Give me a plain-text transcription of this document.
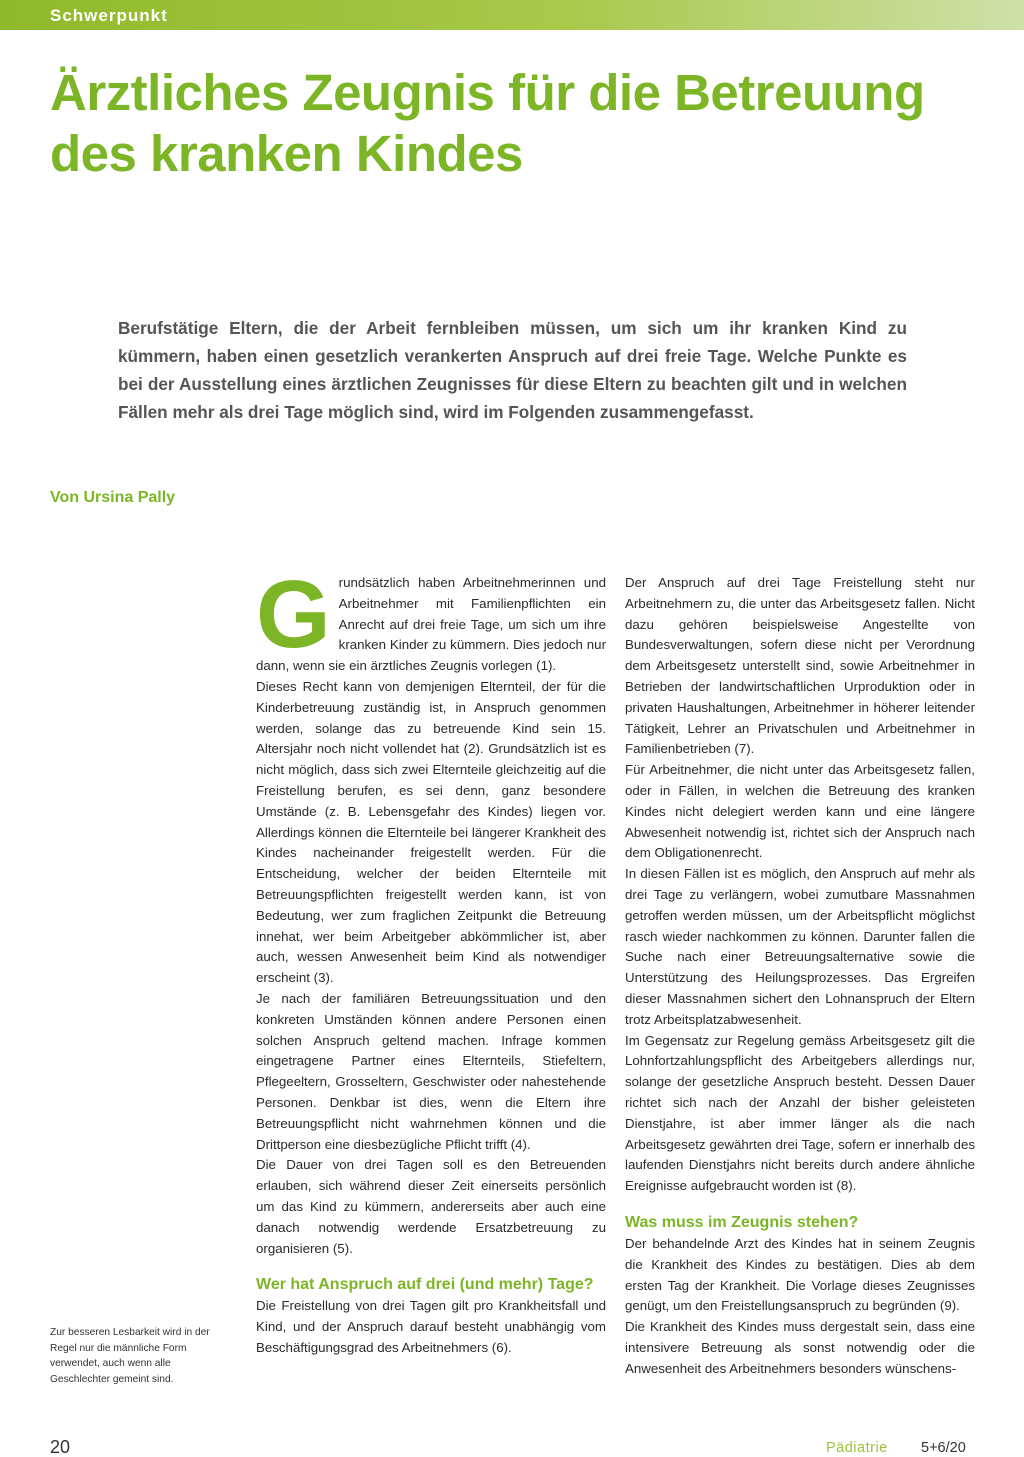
Schwerpunkt
Ärztliches Zeugnis für die Betreuung
des kranken Kindes

Berufstätige Eltern, die der Arbeit fernbleiben müssen, um sich um ihr kranken Kind zu kümmern, haben einen gesetzlich verankerten Anspruch auf drei freie Tage. Welche Punkte es bei der Ausstellung eines ärztlichen Zeugnisses für diese Eltern zu beachten gilt und in welchen Fällen mehr als drei Tage möglich sind, wird im Folgenden zusammengefasst.

Von Ursina Pally

Grundsätzlich haben Arbeitnehmerinnen und Arbeitnehmer mit Familienpflichten ein Anrecht auf drei freie Tage, um sich um ihre kranken Kinder zu kümmern. Dies jedoch nur dann, wenn sie ein ärztliches Zeugnis vorlegen (1).

Dieses Recht kann von demjenigen Elternteil, der für die Kinderbetreuung zuständig ist, in Anspruch genommen werden, solange das zu betreuende Kind sein 15. Altersjahr noch nicht vollendet hat (2). Grundsätzlich ist es nicht möglich, dass sich zwei Elternteile gleichzeitig auf die Freistellung berufen, es sei denn, ganz besondere Umstände (z. B. Lebensgefahr des Kindes) liegen vor. Allerdings können die Elternteile bei längerer Krankheit des Kindes nacheinander freigestellt werden. Für die Entscheidung, welcher der beiden Elternteile mit Betreuungspflichten freigestellt werden kann, ist von Bedeutung, wer zum fraglichen Zeitpunkt die Betreuung innehat, wer beim Arbeitgeber abkömmlicher ist, aber auch, wessen Anwesenheit beim Kind als notwendiger erscheint (3).

Je nach der familiären Betreuungssituation und den konkreten Umständen können andere Personen einen solchen Anspruch geltend machen. Infrage kommen eingetragene Partner eines Elternteils, Stiefeltern, Pflegeeltern, Grosseltern, Geschwister oder nahestehende Personen. Denkbar ist dies, wenn die Eltern ihre Betreuungspflicht nicht wahrnehmen können und die Drittperson eine diesbezügliche Pflicht trifft (4).

Die Dauer von drei Tagen soll es den Betreuenden erlauben, sich während dieser Zeit einerseits persönlich um das Kind zu kümmern, andererseits aber auch eine danach notwendig werdende Ersatzbetreuung zu organisieren (5).

Wer hat Anspruch auf drei (und mehr) Tage?

Die Freistellung von drei Tagen gilt pro Krankheitsfall und Kind, und der Anspruch darauf besteht unabhängig vom Beschäftigungsgrad des Arbeitnehmers (6).

Der Anspruch auf drei Tage Freistellung steht nur Arbeitnehmern zu, die unter das Arbeitsgesetz fallen. Nicht dazu gehören beispielsweise Angestellte von Bundesverwaltungen, sofern diese nicht per Verordnung dem Arbeitsgesetz unterstellt sind, sowie Arbeitnehmer in Betrieben der landwirtschaftlichen Urproduktion oder in privaten Haushaltungen, Arbeitnehmer in höherer leitender Tätigkeit, Lehrer an Privatschulen und Arbeitnehmer in Familienbetrieben (7).

Für Arbeitnehmer, die nicht unter das Arbeitsgesetz fallen, oder in Fällen, in welchen die Betreuung des kranken Kindes nicht delegiert werden kann und eine längere Abwesenheit notwendig ist, richtet sich der Anspruch nach dem Obligationenrecht.

In diesen Fällen ist es möglich, den Anspruch auf mehr als drei Tage zu verlängern, wobei zumutbare Massnahmen getroffen werden müssen, um der Arbeitspflicht möglichst rasch wieder nachkommen zu können. Darunter fallen die Suche nach einer Betreuungsalternative sowie die Unterstützung des Heilungsprozesses. Das Ergreifen dieser Massnahmen sichert den Lohnanspruch der Eltern trotz Arbeitsplatzabwesenheit.

Im Gegensatz zur Regelung gemäss Arbeitsgesetz gilt die Lohnfortzahlungspflicht des Arbeitgebers allerdings nur, solange der gesetzliche Anspruch besteht. Dessen Dauer richtet sich nach der Anzahl der bisher geleisteten Dienstjahre, ist aber immer länger als die nach Arbeitsgesetz gewährten drei Tage, sofern er innerhalb des laufenden Dienstjahrs nicht bereits durch andere ähnliche Ereignisse aufgebraucht worden ist (8).

Was muss im Zeugnis stehen?

Der behandelnde Arzt des Kindes hat in seinem Zeugnis die Krankheit des Kindes zu bestätigen. Dies ab dem ersten Tag der Krankheit. Die Vorlage dieses Zeugnisses genügt, um den Freistellungsanspruch zu begründen (9).

Die Krankheit des Kindes muss dergestalt sein, dass eine intensivere Betreuung als sonst notwendig oder die Anwesenheit des Arbeitnehmers besonders wünschens-

Zur besseren Lesbarkeit wird in der Regel nur die männliche Form verwendet, auch wenn alle Geschlechter gemeint sind.

20	Pädiatrie 5+6/20
